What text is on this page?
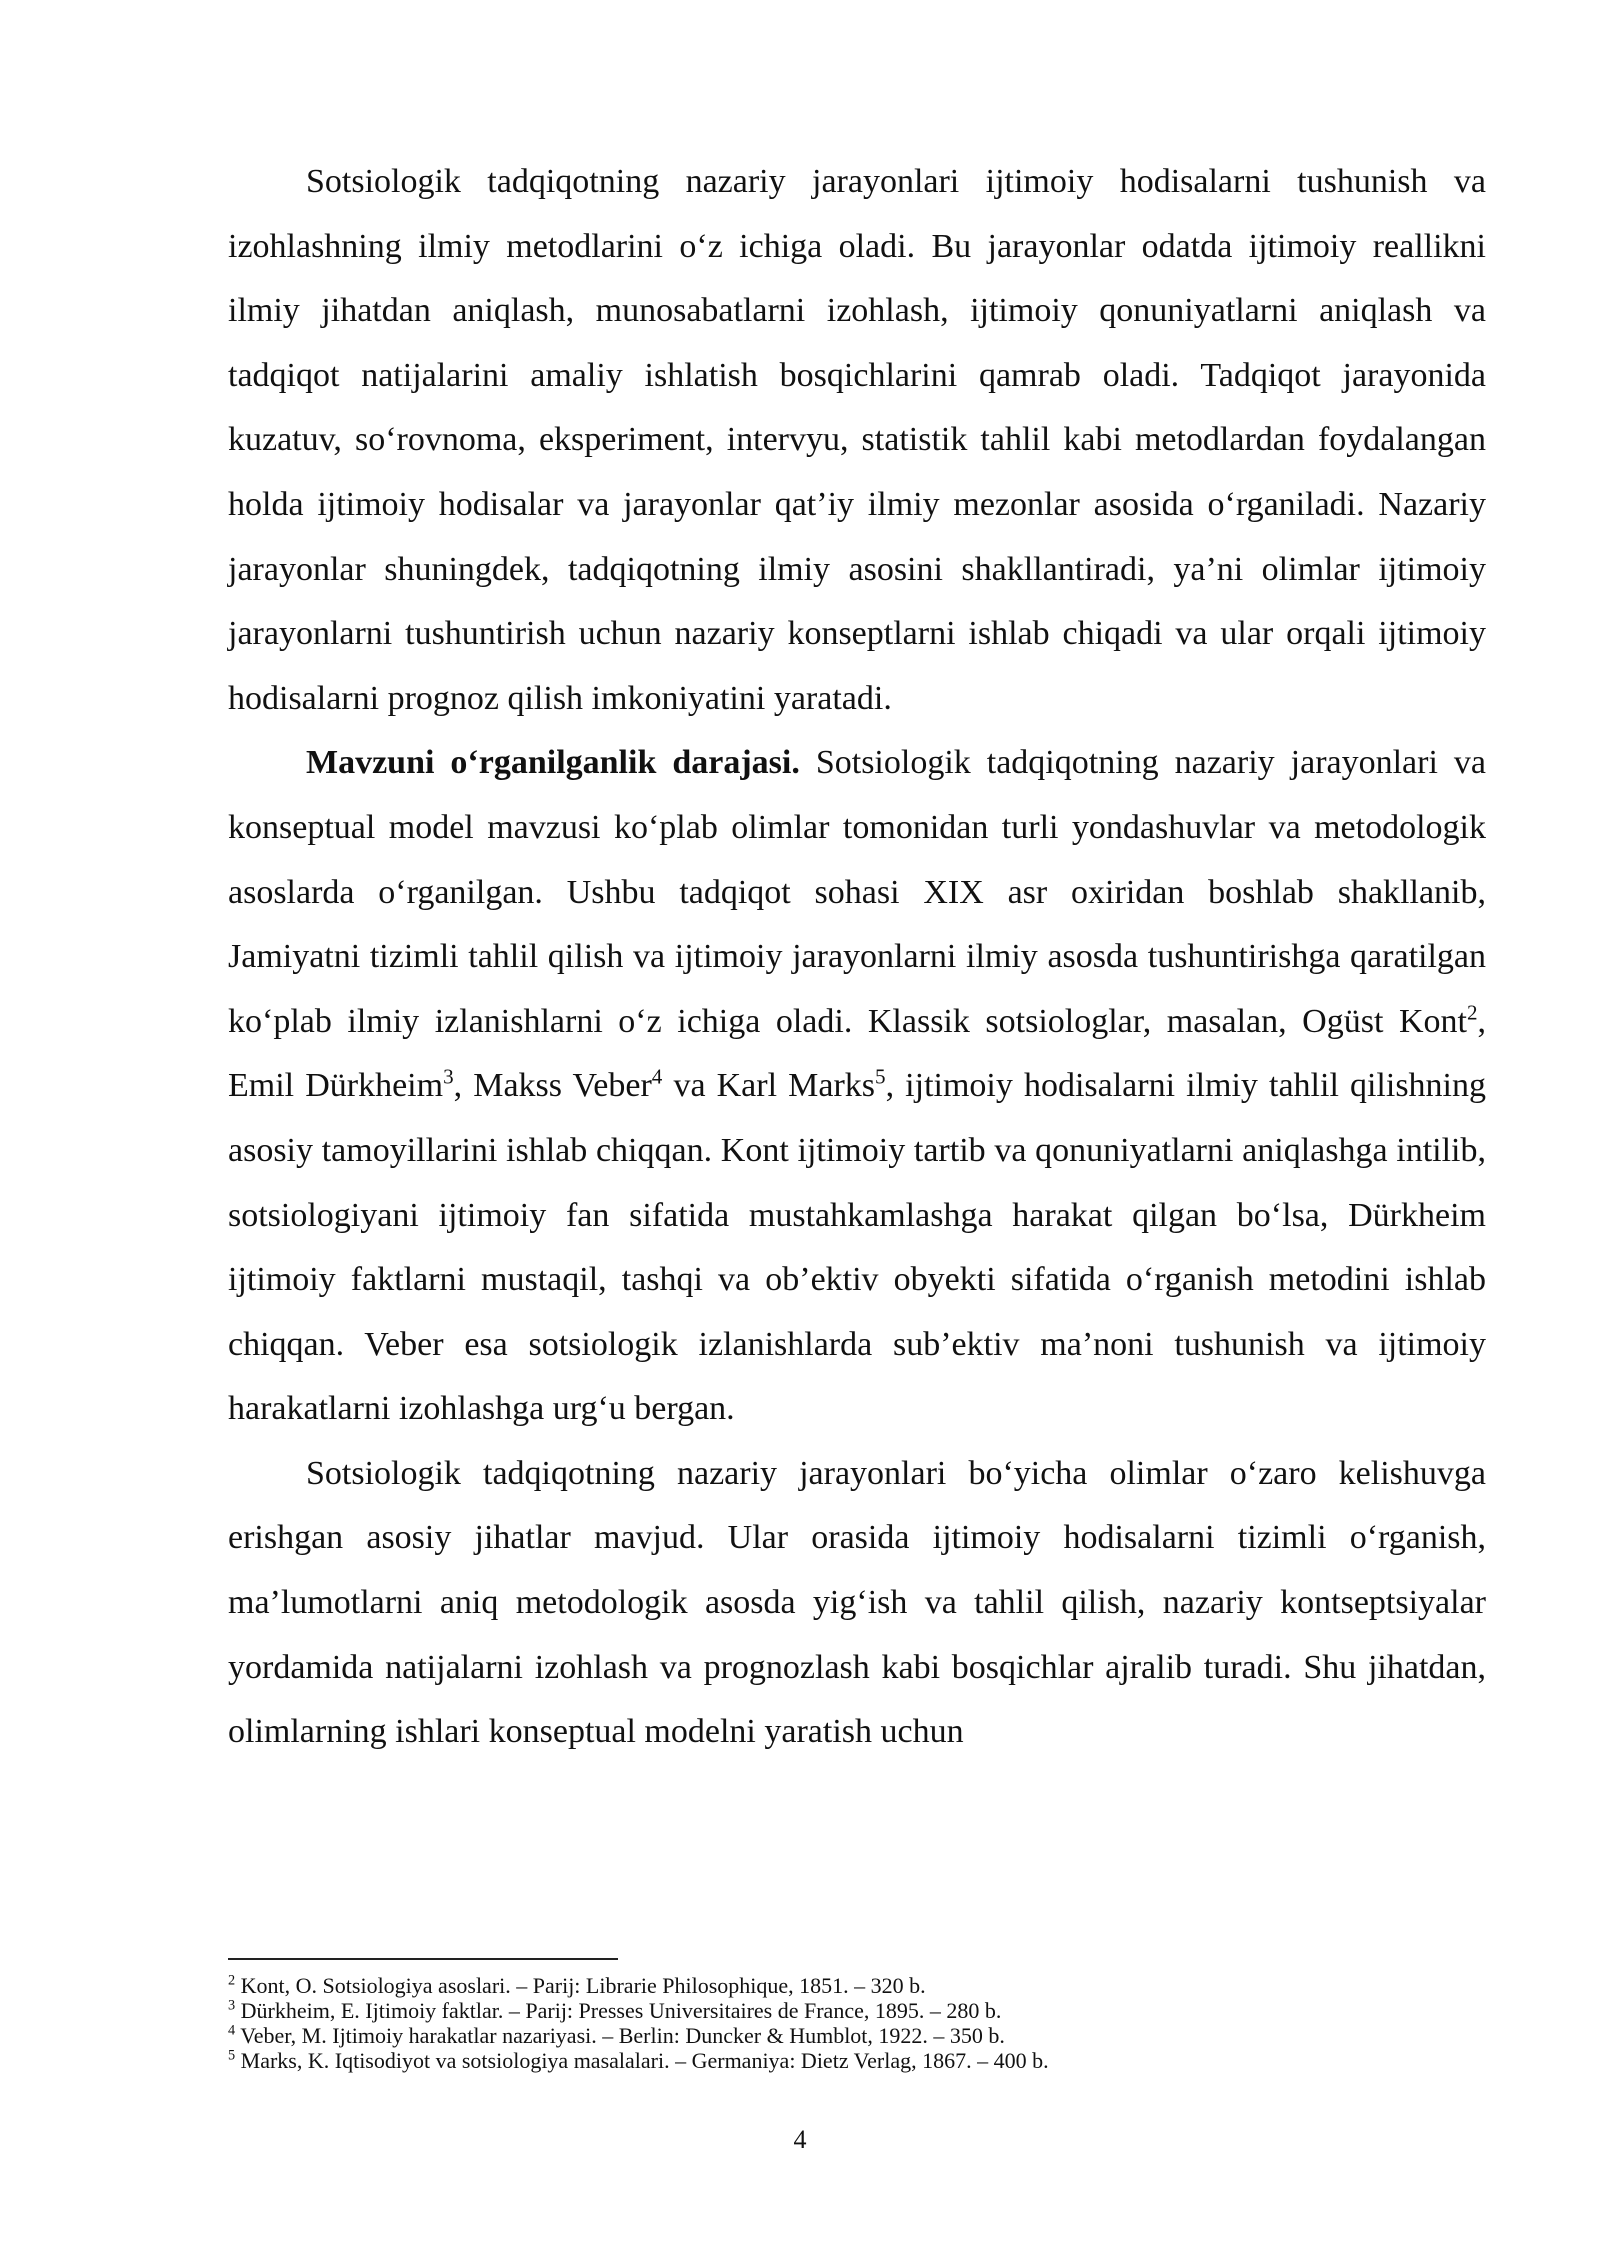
Sotsiologik tadqiqotning nazariy jarayonlari ijtimoiy hodisalarni tushunish va izohlashning ilmiy metodlarini o‘z ichiga oladi. Bu jarayonlar odatda ijtimoiy reallikni ilmiy jihatdan aniqlash, munosabatlarni izohlash, ijtimoiy qonuniyatlarni aniqlash va tadqiqot natijalarini amaliy ishlatish bosqichlarini qamrab oladi. Tadqiqot jarayonida kuzatuv, so‘rovnoma, eksperiment, intervyu, statistik tahlil kabi metodlardan foydalangan holda ijtimoiy hodisalar va jarayonlar qat’iy ilmiy mezonlar asosida o‘rganiladi. Nazariy jarayonlar shuningdek, tadqiqotning ilmiy asosini shakllantiradi, ya’ni olimlar ijtimoiy jarayonlarni tushuntirish uchun nazariy konseptlarni ishlab chiqadi va ular orqali ijtimoiy hodisalarni prognoz qilish imkoniyatini yaratadi.

Mavzuni o‘rganilganlik darajasi. Sotsiologik tadqiqotning nazariy jarayonlari va konseptual model mavzusi ko‘plab olimlar tomonidan turli yondashuvlar va metodologik asoslarda o‘rganilgan. Ushbu tadqiqot sohasi XIX asr oxiridan boshlab shakllanib, Jamiyatni tizimli tahlil qilish va ijtimoiy jarayonlarni ilmiy asosda tushuntirishga qaratilgan ko‘plab ilmiy izlanishlarni o‘z ichiga oladi. Klassik sotsiologlar, masalan, Ogüst Kont$^2$, Emil Dürkheim$^3$, Makss Veber$^4$ va Karl Marks$^5$, ijtimoiy hodisalarni ilmiy tahlil qilishning asosiy tamoyillarini ishlab chiqqan. Kont ijtimoiy tartib va qonuniyatlarni aniqlashga intilib, sotsiologiyani ijtimoiy fan sifatida mustahkamlashga harakat qilgan bo‘lsa, Dürkheim ijtimoiy faktlarni mustaqil, tashqi va ob’ektiv obyekti sifatida o‘rganish metodini ishlab chiqqan. Veber esa sotsiologik izlanishlarda sub’ektiv ma’noni tushunish va ijtimoiy harakatlarni izohlashga urg‘u bergan.

Sotsiologik tadqiqotning nazariy jarayonlari bo‘yicha olimlar o‘zaro kelishuvga erishgan asosiy jihatlar mavjud. Ular orasida ijtimoiy hodisalarni tizimli o‘rganish, ma’lumotlarni aniq metodologik asosda yig‘ish va tahlil qilish, nazariy kontseptsiyalar yordamida natijalarni izohlash va prognozlash kabi bosqichlar ajralib turadi. Shu jihatdan, olimlarning ishlari konseptual modelni yaratish uchun

$^2$ Kont, O. Sotsiologiya asoslari. – Parij: Librarie Philosophique, 1851. – 320 b.

$^3$ Dürkheim, E. Ijtimoiy faktlar. – Parij: Presses Universitaires de France, 1895. – 280 b.

$^4$ Veber, M. Ijtimoiy harakatlar nazariyasi. – Berlin: Duncker & Humblot, 1922. – 350 b.

$^5$ Marks, K. Iqtisodiyot va sotsiologiya masalalari. – Germaniya: Dietz Verlag, 1867. – 400 b.

4
